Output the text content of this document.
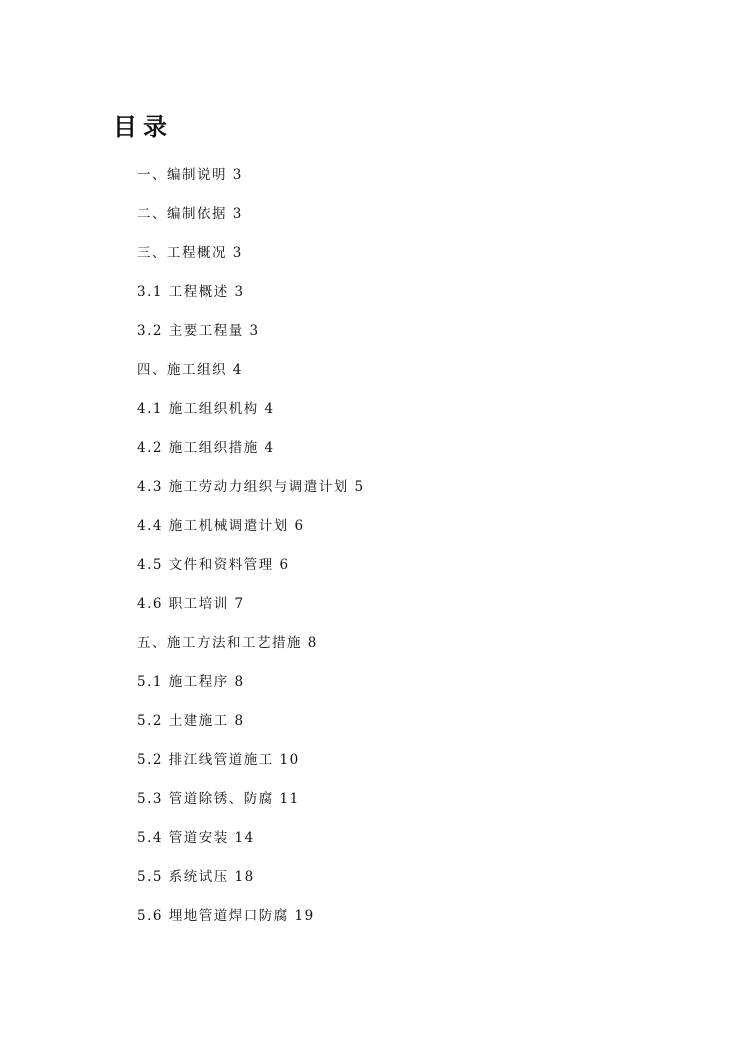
目录
一、编制说明 3
二、编制依据 3
三、工程概况 3
3.1 工程概述 3
3.2 主要工程量 3
四、施工组织 4
4.1 施工组织机构 4
4.2 施工组织措施 4
4.3 施工劳动力组织与调遣计划 5
4.4 施工机械调遣计划 6
4.5 文件和资料管理 6
4.6 职工培训 7
五、施工方法和工艺措施 8
5.1 施工程序 8
5.2 土建施工 8
5.2 排江线管道施工 10
5.3 管道除锈、防腐 11
5.4 管道安装 14
5.5 系统试压 18
5.6 埋地管道焊口防腐 19
